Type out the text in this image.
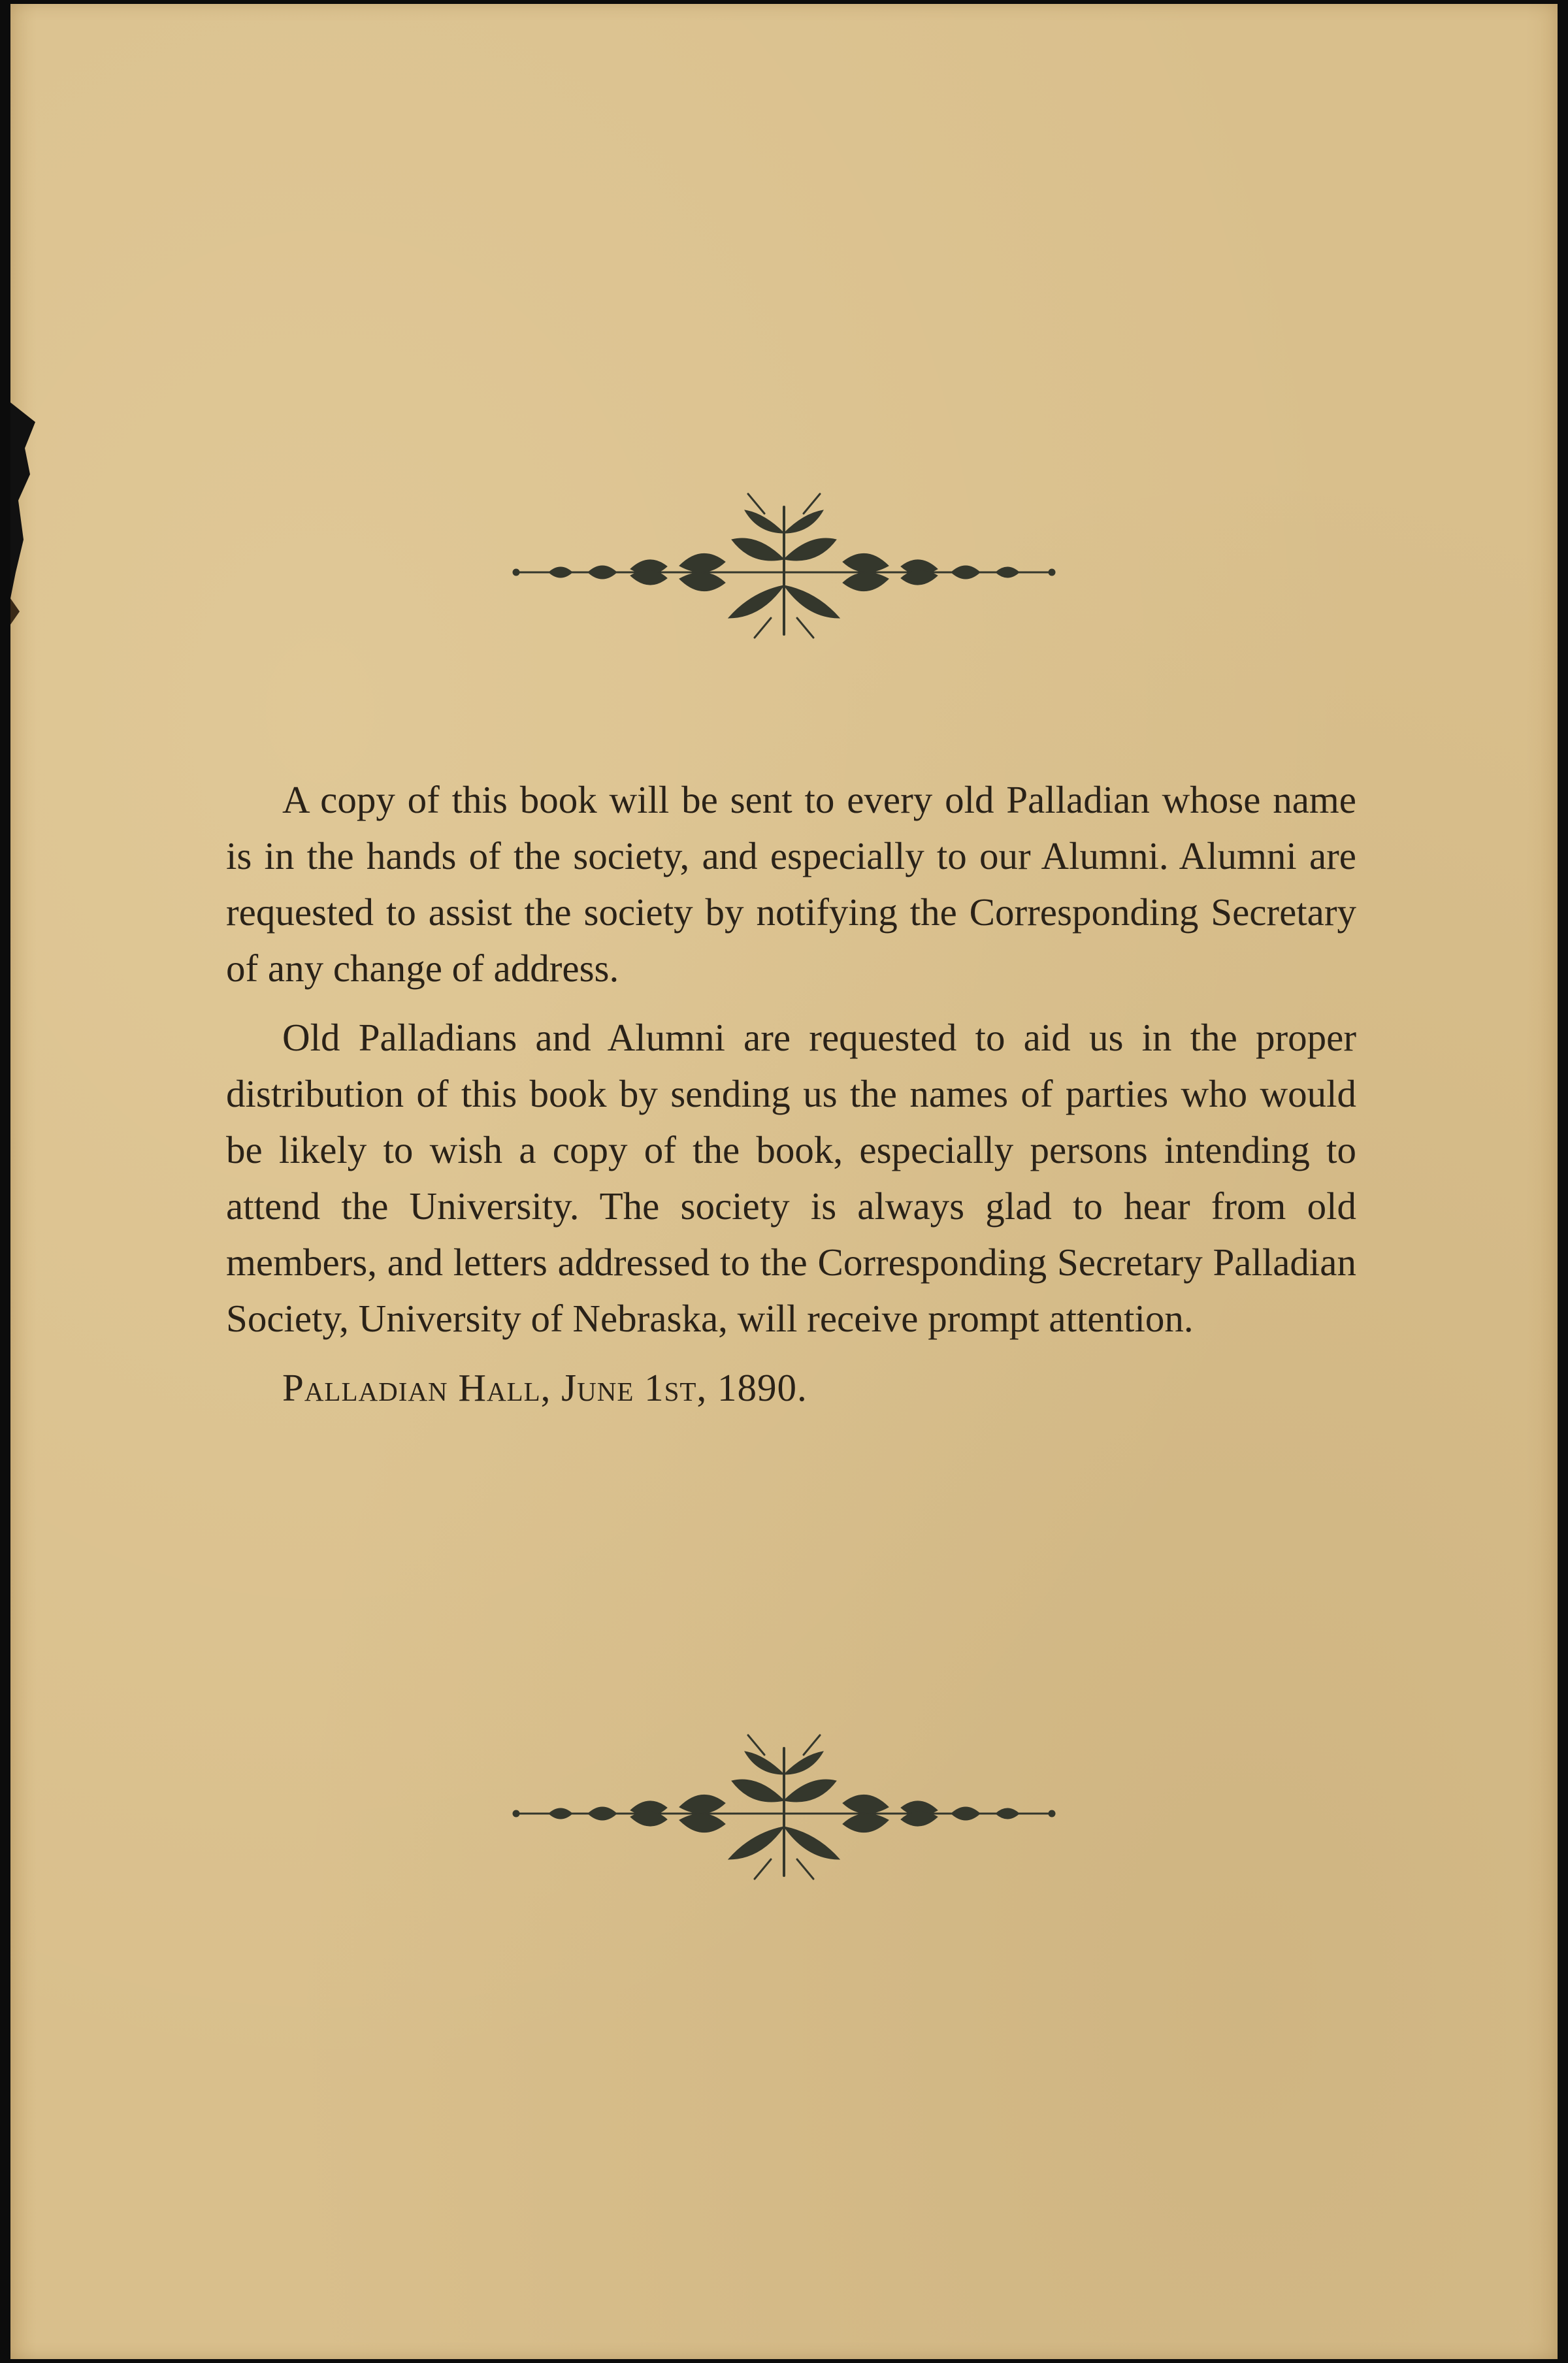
A copy of this book will be sent to every old Palladian whose name is in the hands of the society, and especially to our Alumni. Alumni are requested to assist the society by notifying the Corresponding Secretary of any change of address.

Old Palladians and Alumni are requested to aid us in the proper distribution of this book by sending us the names of parties who would be likely to wish a copy of the book, especially persons intending to attend the University. The society is always glad to hear from old members, and letters addressed to the Corresponding Secretary Palladian Society, University of Nebraska, will receive prompt attention.

Palladian Hall, June 1st, 1890.
